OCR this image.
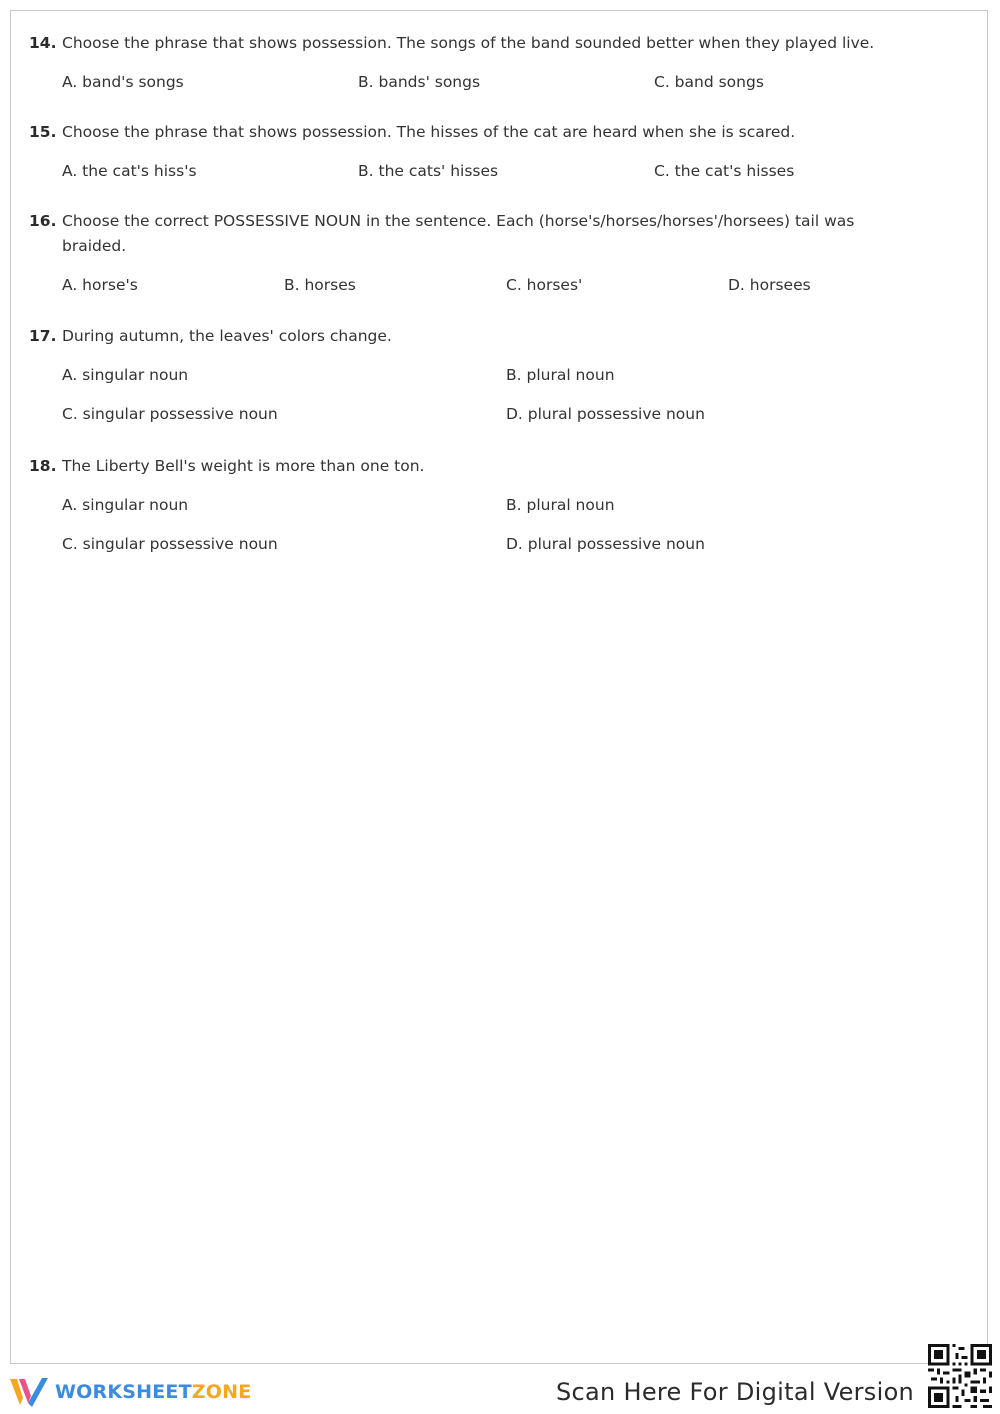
14. Choose the phrase that shows possession. The songs of the band sounded better when they played live.
A. band's songs	B. bands' songs	C. band songs
15. Choose the phrase that shows possession. The hisses of the cat are heard when she is scared.
A. the cat's hiss's	B. the cats' hisses	C. the cat's hisses
16. Choose the correct POSSESSIVE NOUN in the sentence. Each (horse's/horses/horses'/horsees) tail was braided.
A. horse's	B. horses	C. horses'	D. horsees
17. During autumn, the leaves' colors change.
A. singular noun	B. plural noun
C. singular possessive noun	D. plural possessive noun
18. The Liberty Bell's weight is more than one ton.
A. singular noun	B. plural noun
C. singular possessive noun	D. plural possessive noun
WORKSHEETZONE	Scan Here For Digital Version
